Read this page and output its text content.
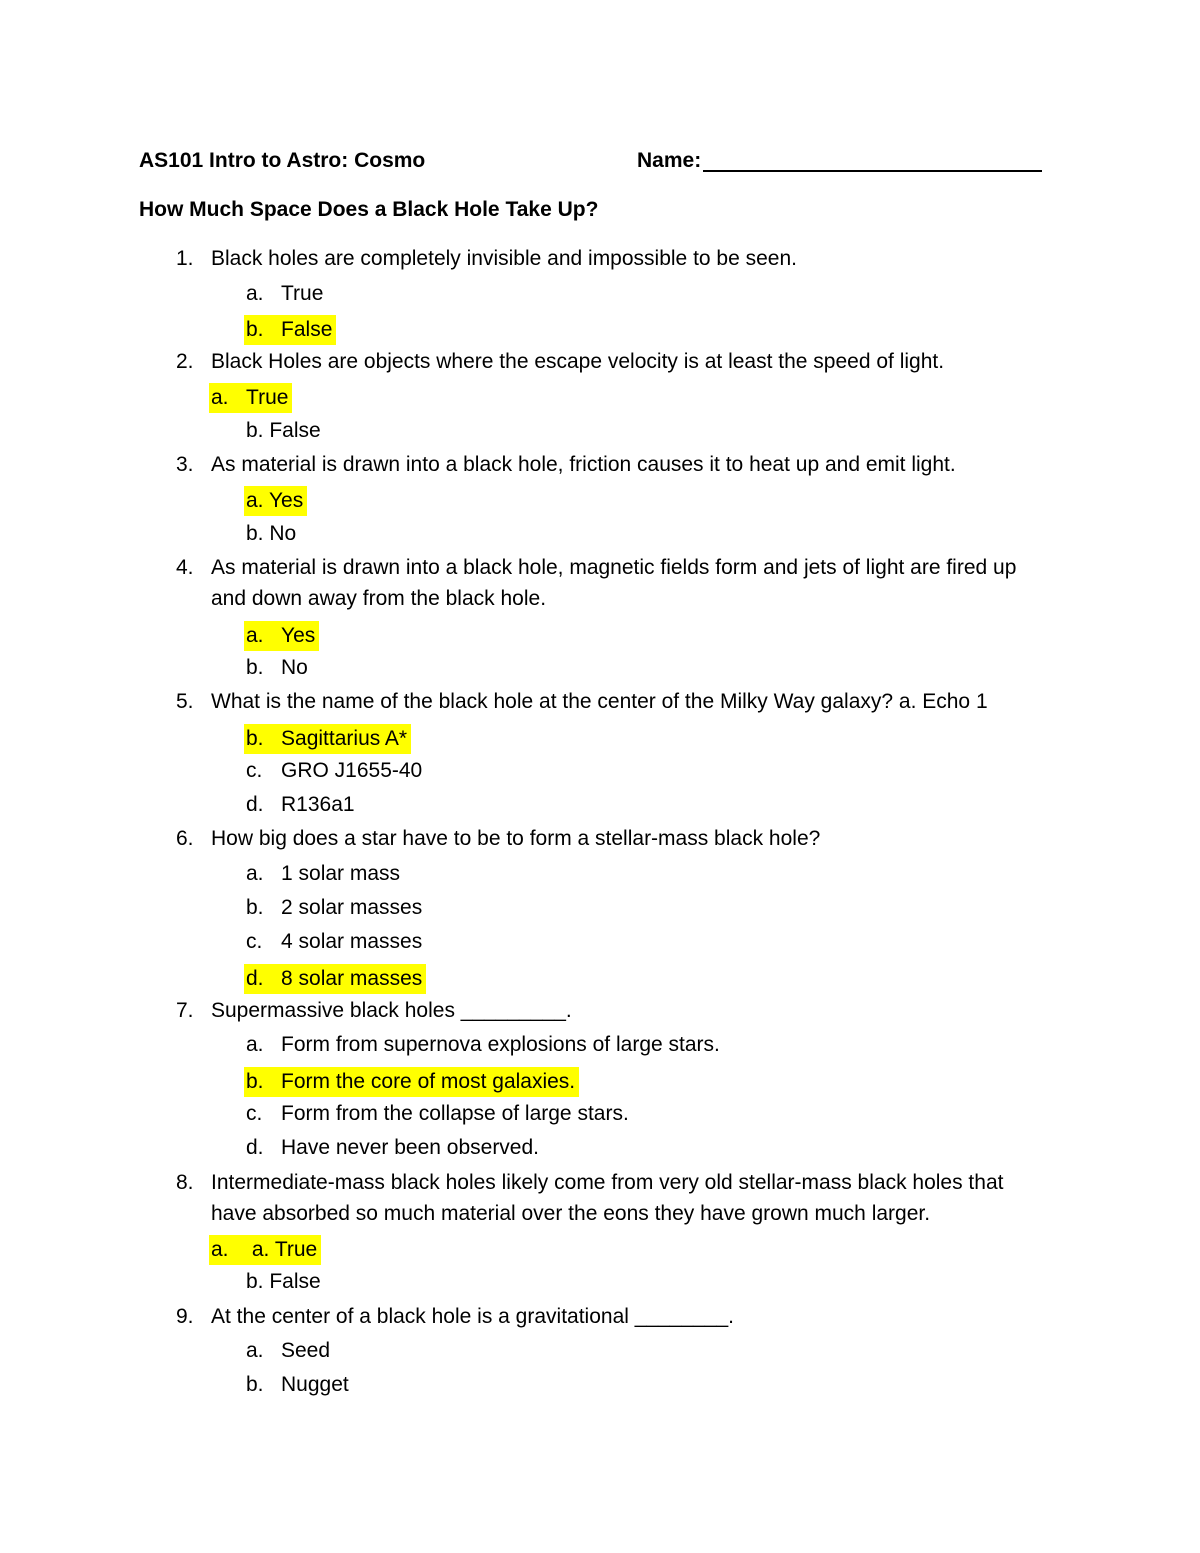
AS101 Intro to Astro: Cosmo	Name:
How Much Space Does a Black Hole Take Up?
1. Black holes are completely invisible and impossible to be seen.
a. True
b. False
2. Black Holes are objects where the escape velocity is at least the speed of light.
a. True
b. False
3. As material is drawn into a black hole, friction causes it to heat up and emit light.
a. Yes
b. No
4. As material is drawn into a black hole, magnetic fields form and jets of light are fired up
and down away from the black hole.
a. Yes
b. No
5. What is the name of the black hole at the center of the Milky Way galaxy? a. Echo 1
b. Sagittarius A*
c. GRO J1655-40
d. R136a1
6. How big does a star have to be to form a stellar-mass black hole?
a. 1 solar mass
b. 2 solar masses
c. 4 solar masses
d. 8 solar masses
7. Supermassive black holes _________.
a. Form from supernova explosions of large stars.
b. Form the core of most galaxies.
c. Form from the collapse of large stars.
d. Have never been observed.
8. Intermediate-mass black holes likely come from very old stellar-mass black holes that
have absorbed so much material over the eons they have grown much larger.
a. a. True
b. False
9. At the center of a black hole is a gravitational ________.
a. Seed
b. Nugget
